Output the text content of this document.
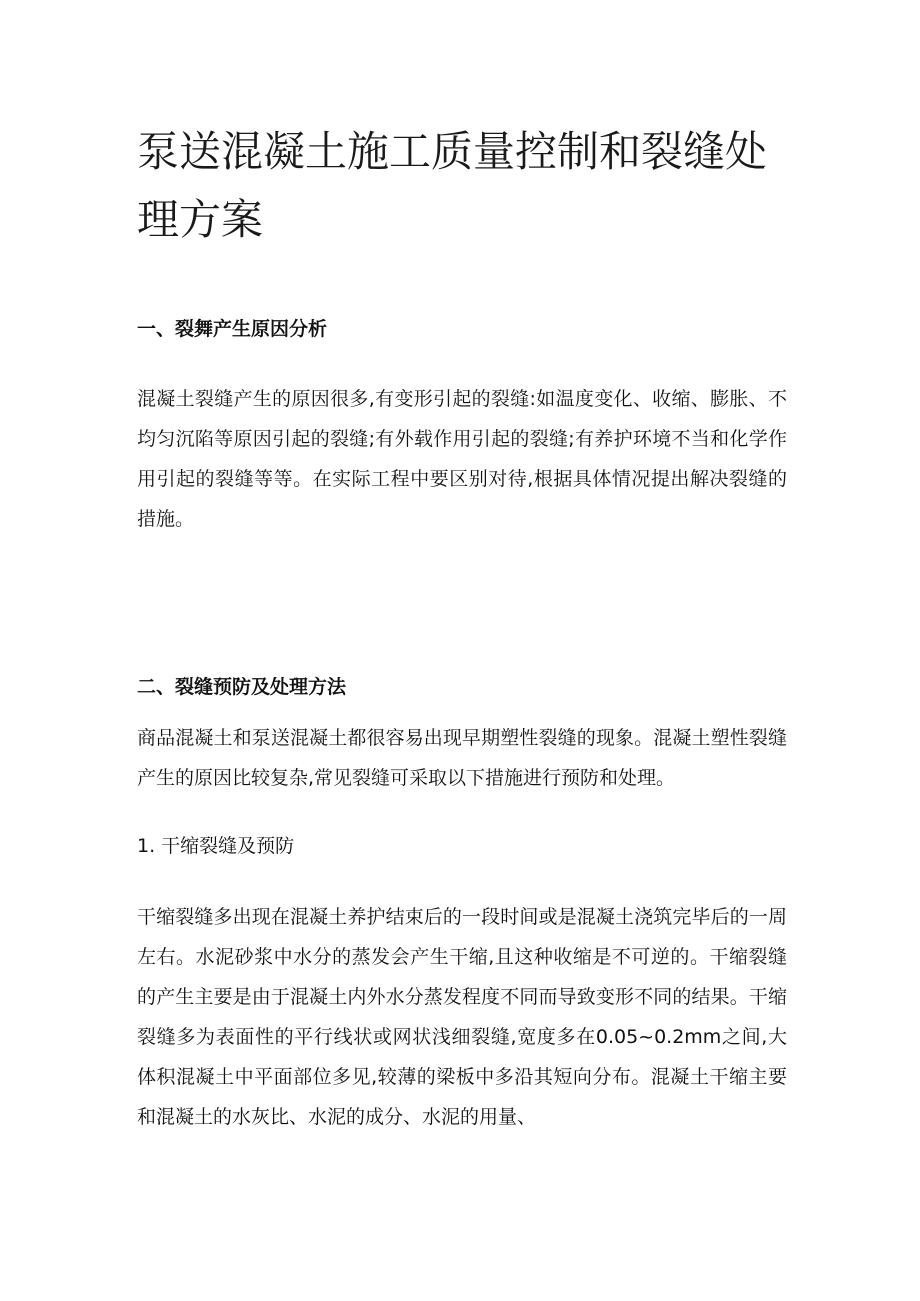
泵送混凝土施工质量控制和裂缝处理方案
一、裂舞产生原因分析

混凝土裂缝产生的原因很多,有变形引起的裂缝:如温度变化、收缩、膨胀、不均匀沉陷等原因引起的裂缝;有外载作用引起的裂缝;有养护环境不当和化学作用引起的裂缝等等。在实际工程中要区别对待,根据具体情况提出解决裂缝的措施。

二、裂缝预防及处理方法

商品混凝土和泵送混凝土都很容易出现早期塑性裂缝的现象。混凝土塑性裂缝产生的原因比较复杂,常见裂缝可采取以下措施进行预防和处理。

1. 干缩裂缝及预防

干缩裂缝多出现在混凝土养护结束后的一段时间或是混凝土浇筑完毕后的一周左右。水泥砂浆中水分的蒸发会产生干缩,且这种收缩是不可逆的。干缩裂缝的产生主要是由于混凝土内外水分蒸发程度不同而导致变形不同的结果。干缩裂缝多为表面性的平行线状或网状浅细裂缝,宽度多在0.05~0.2mm之间,大体积混凝土中平面部位多见,较薄的梁板中多沿其短向分布。混凝土干缩主要和混凝土的水灰比、水泥的成分、水泥的用量、
